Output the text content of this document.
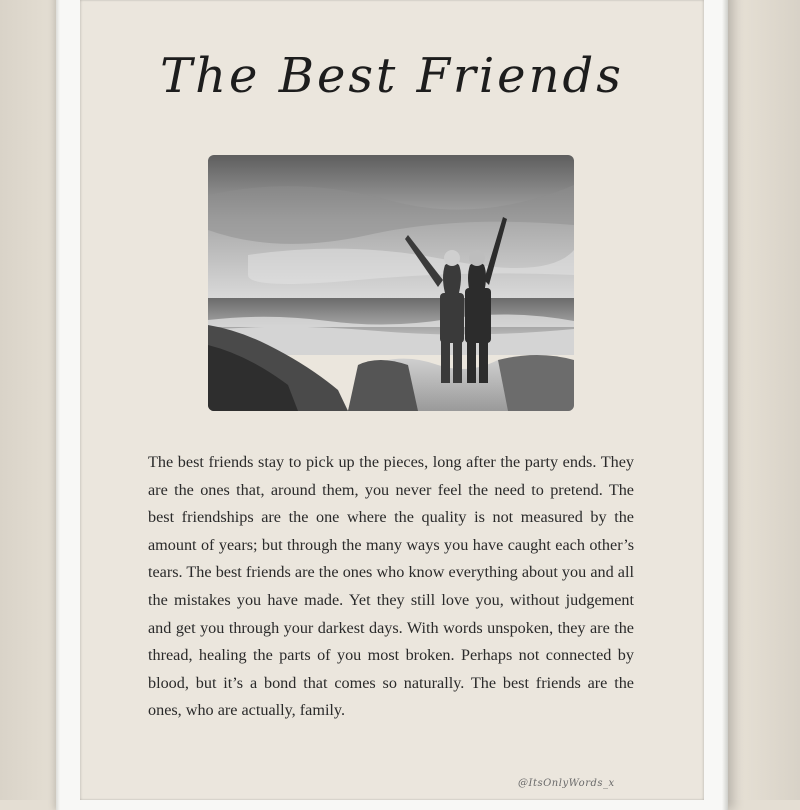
The Best Friends
The best friends stay to pick up the pieces, long after the party ends. They are the ones that, around them, you never feel the need to pretend. The best friendships are the one where the quality is not measured by the amount of years; but through the many ways you have caught each other’s tears. The best friends are the ones who know everything about you and all the mistakes you have made. Yet they still love you, without judgement and get you through your darkest days. With words unspoken, they are the thread, healing the parts of you most broken. Perhaps not connected by blood, but it’s a bond that comes so naturally. The best friends are the ones, who are actually, family.
@ItsOnlyWords_x
